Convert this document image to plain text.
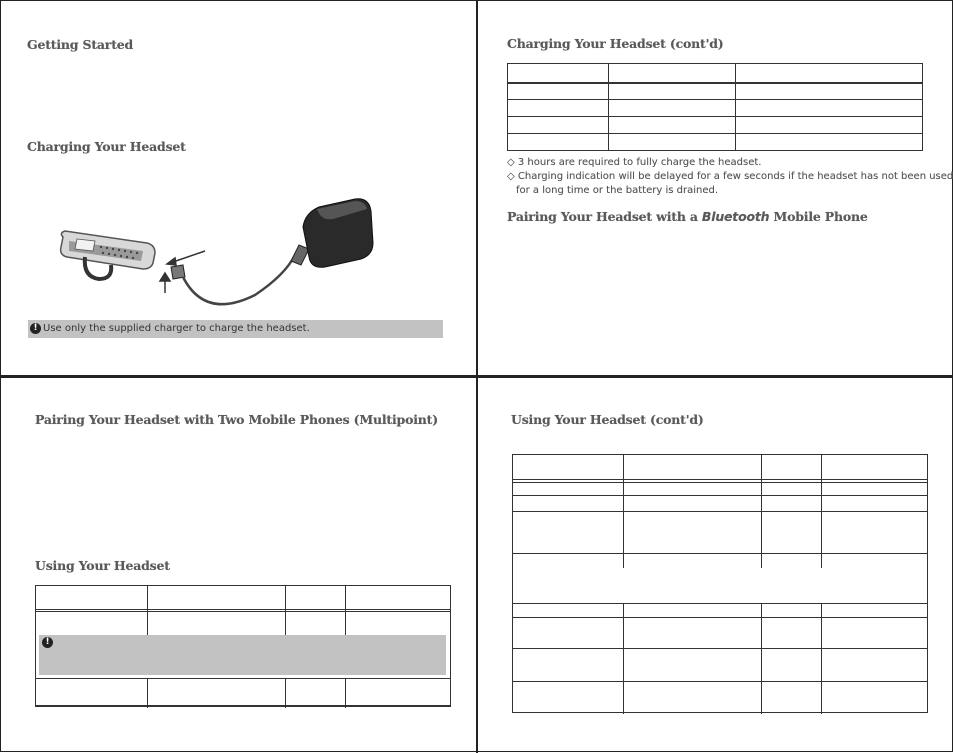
Getting Started
Charging Your Headset
! Use only the supplied charger to charge the headset.
Charging Your Headset (cont'd)
◇ 3 hours are required to fully charge the headset.
◇ Charging indication will be delayed for a few seconds if the headset has not been used
for a long time or the battery is drained.
Pairing Your Headset with a Bluetooth Mobile Phone
Pairing Your Headset with Two Mobile Phones (Multipoint)
Using Your Headset
!
Using Your Headset (cont'd)
